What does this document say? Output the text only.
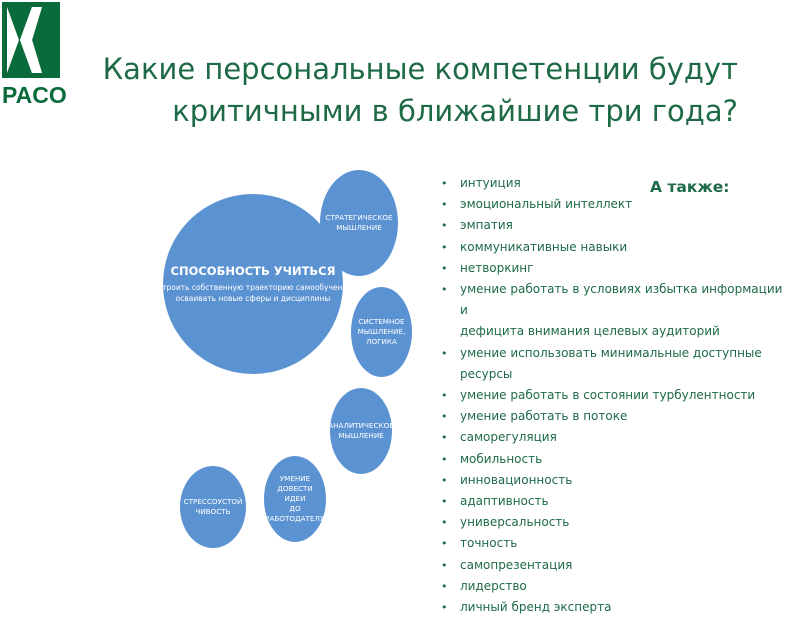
PACO
Какие персональные компетенции будут
критичными в ближайшие три года?
СПОСОБНОСТЬ УЧИТЬСЯ
строить собственную траекторию самообучения;
осваивать новые сферы и дисциплины
СТРАТЕГИЧЕСКОЕ
МЫШЛЕНИЕ
СИСТЕМНОЕ
МЫШЛЕНИЕ,
ЛОГИКА
АНАЛИТИЧЕСКОЕ
МЫШЛЕНИЕ
УМЕНИЕ
ДОВЕСТИ ИДЕИ
ДО
РАБОТОДАТЕЛЯ
СТРЕССОУСТОЙ
ЧИВОСТЬ
А также:
• интуиция
• эмоциональный интеллект
• эмпатия
• коммуникативные навыки
• нетворкинг
• умение работать в условиях избытка информации и
дефицита внимания целевых аудиторий
• умение использовать минимальные доступные ресурсы
• умение работать в состоянии турбулентности
• умение работать в потоке
• саморегуляция
• мобильность
• инновационность
• адаптивность
• универсальность
• точность
• самопрезентация
• лидерство
• личный бренд эксперта
